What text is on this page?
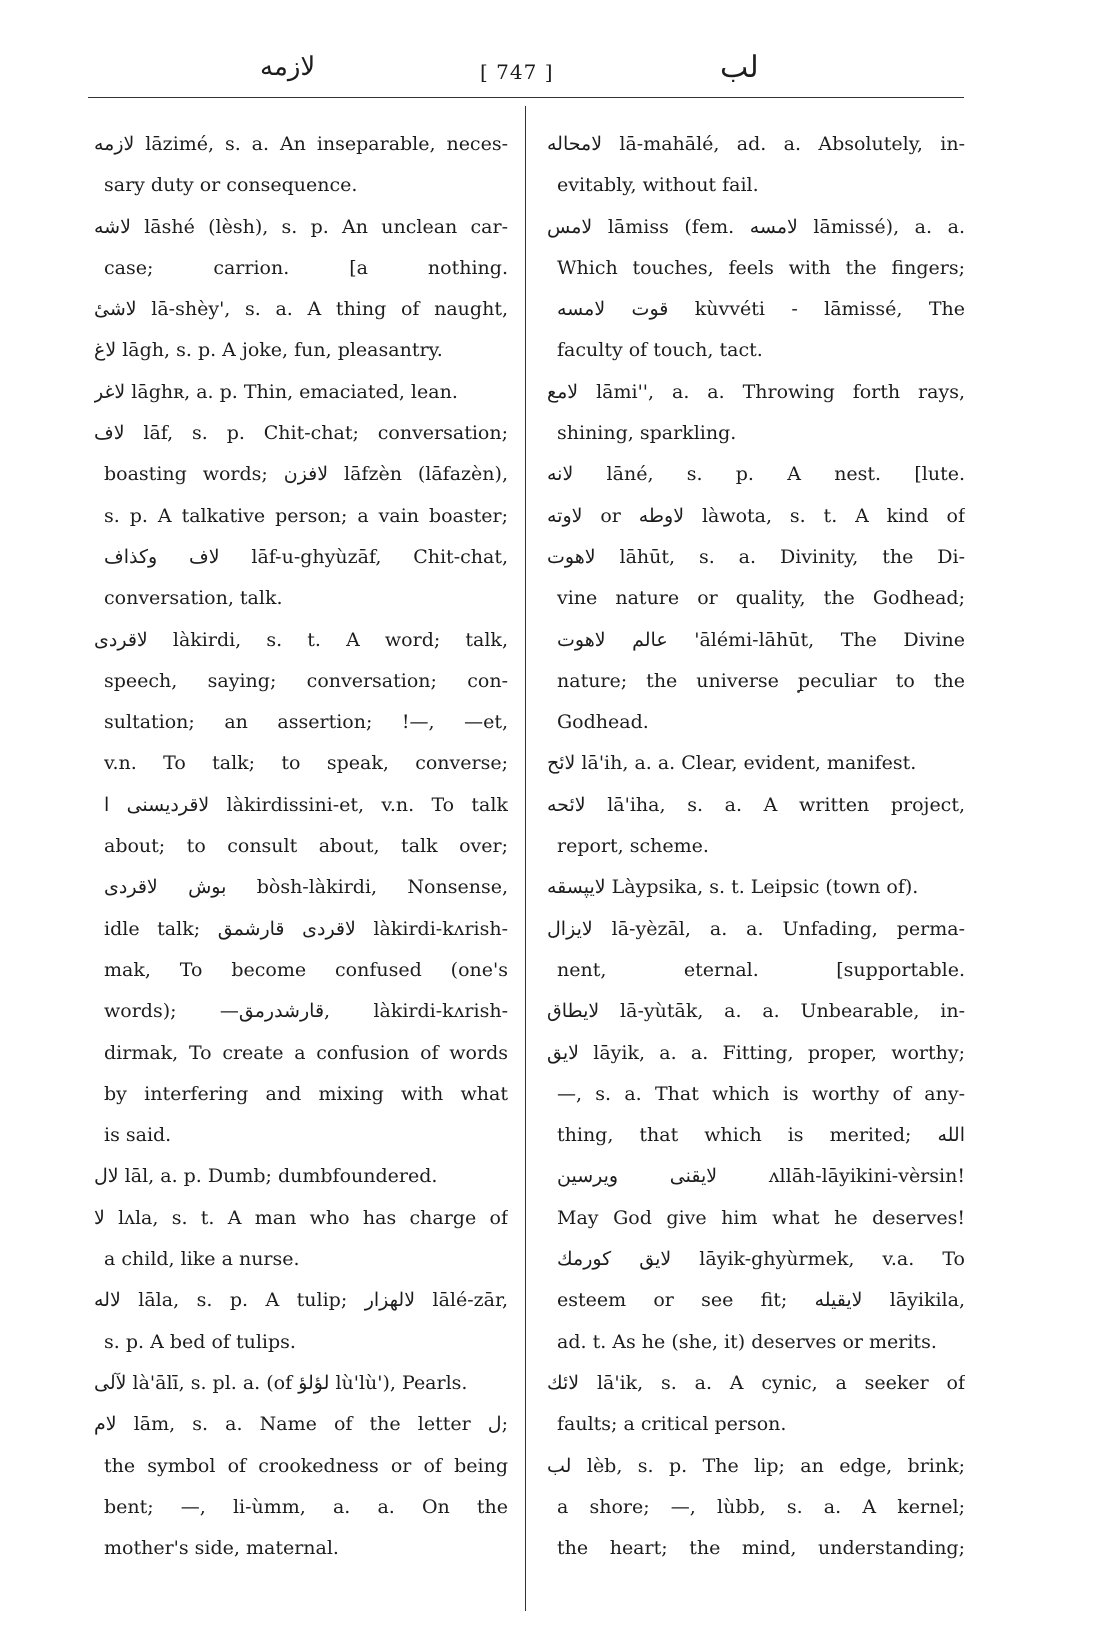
لازمه	[ 747 ]	لب
لازمه lāzimé, s. a. An inseparable, neces-
sary duty or consequence.
لاشه lāshé (lèsh), s. p. An unclean car-
case; carrion. [a nothing.
لاشیٔ lā-shèy', s. a. A thing of naught,
لاغ lāgh, s. p. A joke, fun, pleasantry.
لاغر lāghʀ, a. p. Thin, emaciated, lean.
لاف lāf, s. p. Chit-chat; conversation;
boasting words; لافزن lāfzèn (lāfazèn),
s. p. A talkative person; a vain boaster;
لاف وکذاف lāf-u-ghyùzāf, Chit-chat,
conversation, talk.
لاقردی làkirdi, s. t. A word; talk,
speech, saying; conversation; con-
sultation; an assertion; !—, —et,
v.n. To talk; to speak, converse;
لاقردیسنی ا làkirdissini-et, v.n. To talk
about; to consult about, talk over;
بوش لاقردی bòsh-làkirdi, Nonsense,
idle talk; لاقردی قارشمق làkirdi-kʌrish-
mak, To become confused (one's
words); —قارشدرمق, làkirdi-kʌrish-
dirmak, To create a confusion of words
by interfering and mixing with what
is said.
لال lāl, a. p. Dumb; dumbfoundered.
لا lʌla, s. t. A man who has charge of
a child, like a nurse.
لاله lāla, s. p. A tulip; لالهزار lālé-zār,
s. p. A bed of tulips.
لآلی là'ālī, s. pl. a. (of لؤلؤ lù'lù'), Pearls.
لام lām, s. a. Name of the letter ل;
the symbol of crookedness or of being
bent; —, li-ùmm, a. a. On the
mother's side, maternal.
لامحاله lā-mahālé, ad. a. Absolutely, in-
evitably, without fail.
لامس lāmiss (fem. لامسه lāmissé), a. a.
Which touches, feels with the fingers;
قوت لامسه kùvvéti - lāmissé, The
faculty of touch, tact.
لامع lāmi'', a. a. Throwing forth rays,
shining, sparkling.
لانه lāné, s. p. A nest. [lute.
لاوته or لاوطه làwota, s. t. A kind of
لاهوت lāhūt, s. a. Divinity, the Di-
vine nature or quality, the Godhead;
عالم لاهوت 'ālémi-lāhūt, The Divine
nature; the universe peculiar to the
Godhead.
لائح lā'ih, a. a. Clear, evident, manifest.
لائحه lā'iha, s. a. A written project,
report, scheme.
لایپسقه Làypsika, s. t. Leipsic (town of).
لایزال lā-yèzāl, a. a. Unfading, perma-
nent, eternal. [supportable.
لایطاق lā-yùtāk, a. a. Unbearable, in-
لایق lāyik, a. a. Fitting, proper, worthy;
—, s. a. That which is worthy of any-
thing, that which is merited; الله
لایقنی ویرسین ʌllāh-lāyikini-vèrsin!
May God give him what he deserves!
لایق کورمك lāyik-ghyùrmek, v.a. To
esteem or see fit; لایقیله lāyikila,
ad. t. As he (she, it) deserves or merits.
لائك lā'ik, s. a. A cynic, a seeker of
faults; a critical person.
لب lèb, s. p. The lip; an edge, brink;
a shore; —, lùbb, s. a. A kernel;
the heart; the mind, understanding;
